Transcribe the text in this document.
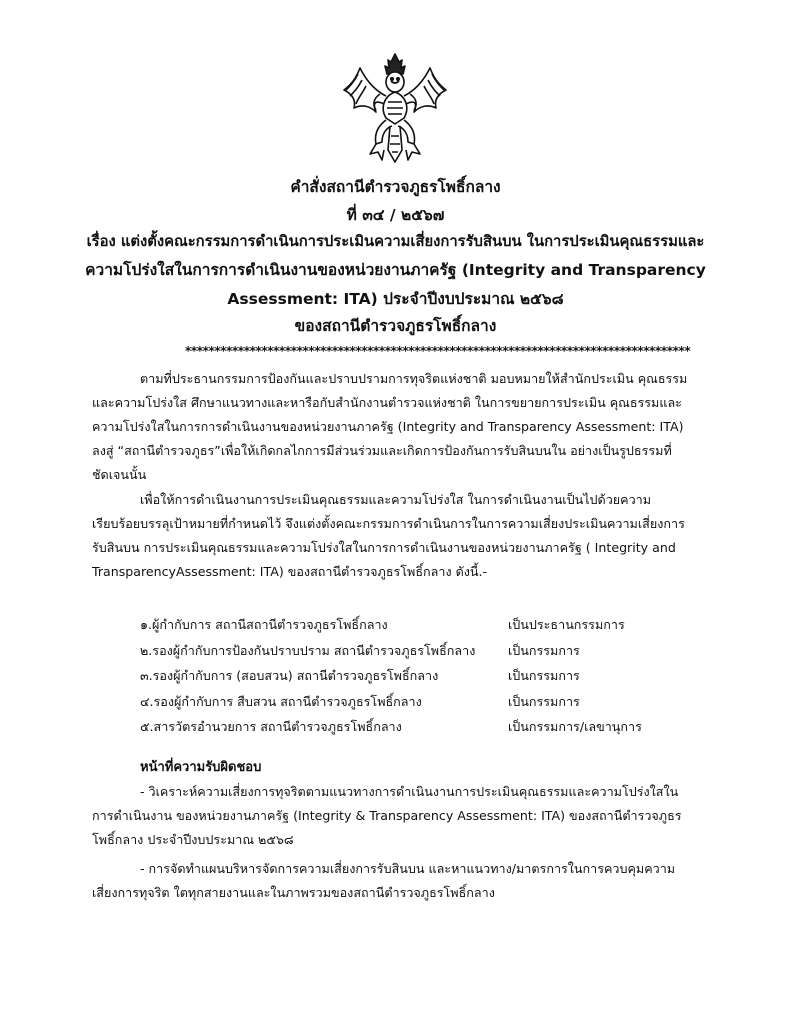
คำสั่งสถานีตำรวจภูธรโพธิ์กลาง
ที่ ๓๔ / ๒๕๖๗
เรื่อง แต่งตั้งคณะกรรมการดำเนินการประเมินความเสี่ยงการรับสินบน ในการประเมินคุณธรรมและ
ความโปร่งใสในการการดำเนินงานของหน่วยงานภาครัฐ (Integrity and Transparency
Assessment: ITA) ประจำปีงบประมาณ ๒๕๖๘
ของสถานีตำรวจภูธรโพธิ์กลาง
**************************************************************************************
ตามที่ประธานกรรมการป้องกันและปราบปรามการทุจริตแห่งชาติ มอบหมายให้สำนักประเมิน คุณธรรมและความโปร่งใส ศึกษาแนวทางและหารือกับสำนักงานตำรวจแห่งชาติ ในการขยายการประเมิน คุณธรรมและความโปร่งใสในการการดำเนินงานของหน่วยงานภาครัฐ (Integrity and Transparency Assessment: ITA) ลงสู่ “สถานีตำรวจภูธร”เพื่อให้เกิดกลไกการมีส่วนร่วมและเกิดการป้องกันการรับสินบนใน อย่างเป็นรูปธรรมที่ชัดเจนนั้น
เพื่อให้การดำเนินงานการประเมินคุณธรรมและความโปร่งใส ในการดำเนินงานเป็นไปด้วยความ เรียบร้อยบรรลุเป้าหมายที่กำหนดไว้ จึงแต่งตั้งคณะกรรมการดำเนินการในการความเสี่ยงประเมินความเสี่ยงการรับสินบน การประเมินคุณธรรมและความโปร่งใสในการการดำเนินงานของหน่วยงานภาครัฐ ( Integrity and TransparencyAssessment: ITA) ของสถานีตำรวจภูธรโพธิ์กลาง ดังนี้.-
๑.ผู้กำกับการ สถานีสถานีตำรวจภูธรโพธิ์กลาง	เป็นประธานกรรมการ
๒.รองผู้กำกับการป้องกันปราบปราม สถานีตำรวจภูธรโพธิ์กลาง	เป็นกรรมการ
๓.รองผู้กำกับการ (สอบสวน) สถานีตำรวจภูธรโพธิ์กลาง	เป็นกรรมการ
๔.รองผู้กำกับการ สืบสวน สถานีตำรวจภูธรโพธิ์กลาง	เป็นกรรมการ
๕.สารวัตรอำนวยการ สถานีตำรวจภูธรโพธิ์กลาง	เป็นกรรมการ/เลขานุการ
หน้าที่ความรับผิดชอบ
- วิเคราะห์ความเสี่ยงการทุจริตตามแนวทางการดำเนินงานการประเมินคุณธรรมและความโปร่งใสในการดำเนินงาน ของหน่วยงานภาครัฐ (Integrity & Transparency Assessment: ITA) ของสถานีตำรวจภูธรโพธิ์กลาง ประจำปีงบประมาณ ๒๕๖๘
- การจัดทำแผนบริหารจัดการความเสี่ยงการรับสินบน และหาแนวทาง/มาตรการในการควบคุมความเสี่ยงการทุจริต ใตทุกสายงานและในภาพรวมของสถานีตำรวจภูธรโพธิ์กลาง
